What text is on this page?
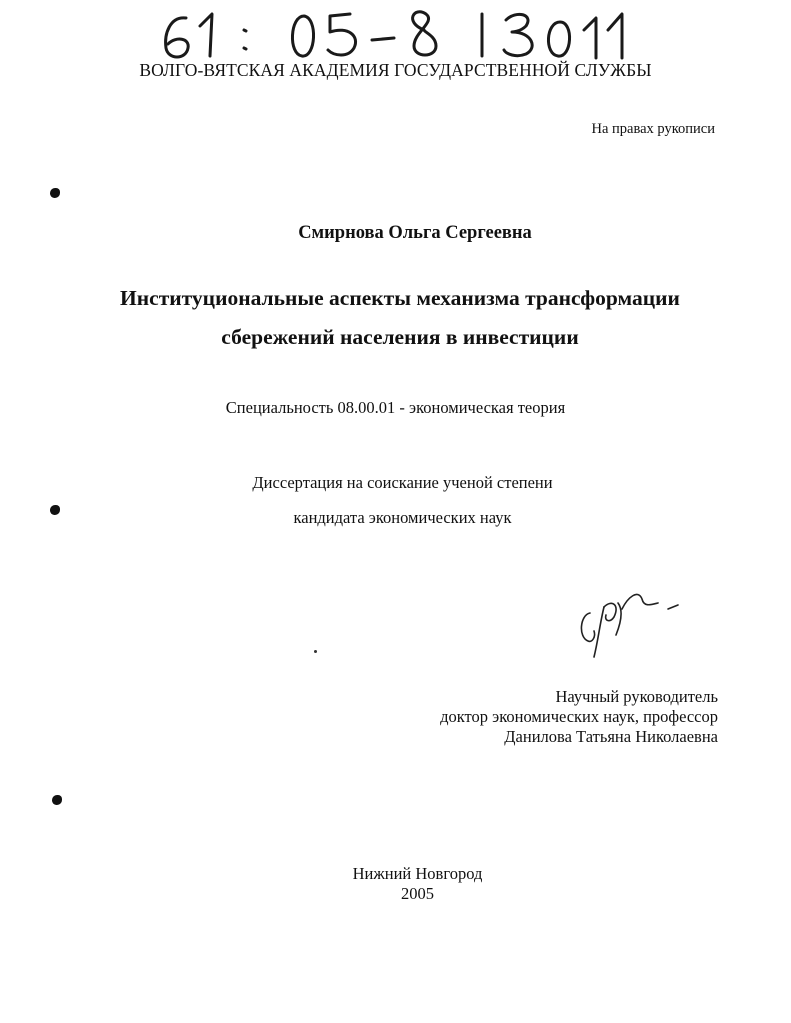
ВОЛГО-ВЯТСКАЯ АКАДЕМИЯ ГОСУДАРСТВЕННОЙ СЛУЖБЫ
На правах рукописи
Смирнова Ольга Сергеевна
Институциональные аспекты механизма трансформации
сбережений населения в инвестиции
Специальность 08.00.01 - экономическая теория
Диссертация на соискание ученой степени
кандидата экономических наук
Научный руководитель
доктор экономических наук, профессор
Данилова Татьяна Николаевна
Нижний Новгород
2005
